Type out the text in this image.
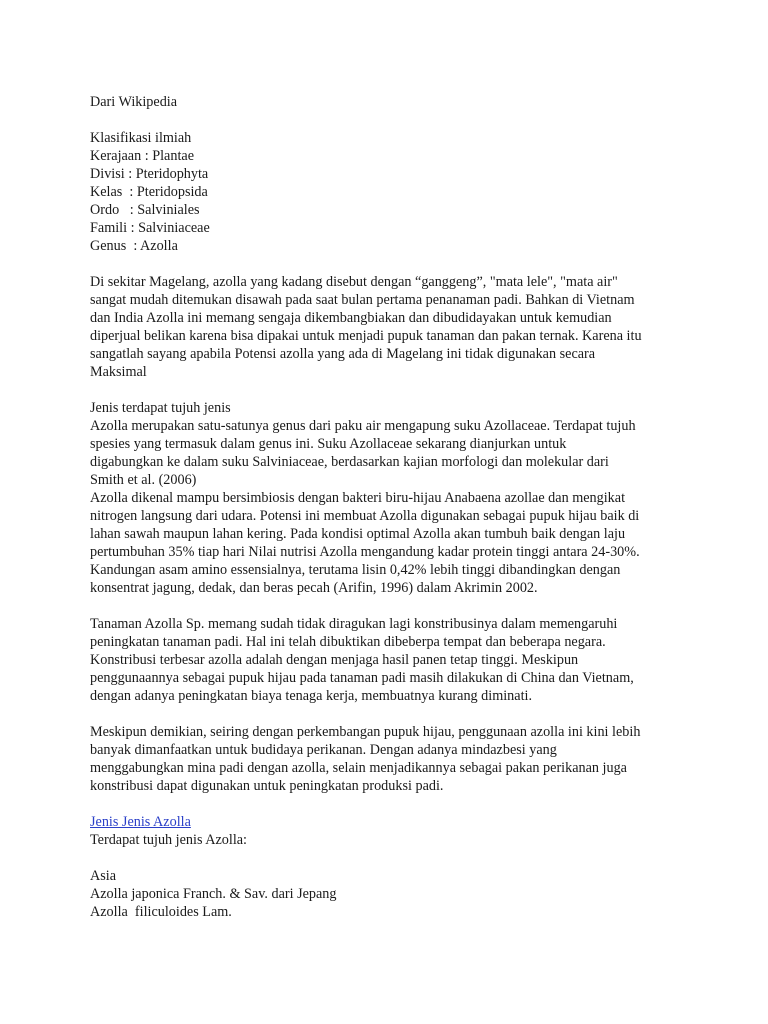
Dari Wikipedia
Klasifikasi ilmiah
Kerajaan : Plantae
Divisi : Pteridophyta
Kelas  : Pteridopsida
Ordo   : Salviniales
Famili : Salviniaceae
Genus  : Azolla
Di sekitar Magelang, azolla yang kadang disebut dengan “ganggeng”, "mata lele", "mata air"
sangat mudah ditemukan disawah pada saat bulan pertama penanaman padi. Bahkan di Vietnam
dan India Azolla ini memang sengaja dikembangbiakan dan dibudidayakan untuk kemudian
diperjual belikan karena bisa dipakai untuk menjadi pupuk tanaman dan pakan ternak. Karena itu
sangatlah sayang apabila Potensi azolla yang ada di Magelang ini tidak digunakan secara
Maksimal
Jenis terdapat tujuh jenis
Azolla merupakan satu-satunya genus dari paku air mengapung suku Azollaceae. Terdapat tujuh
spesies yang termasuk dalam genus ini. Suku Azollaceae sekarang dianjurkan untuk
digabungkan ke dalam suku Salviniaceae, berdasarkan kajian morfologi dan molekular dari
Smith et al. (2006)
Azolla dikenal mampu bersimbiosis dengan bakteri biru-hijau Anabaena azollae dan mengikat
nitrogen langsung dari udara. Potensi ini membuat Azolla digunakan sebagai pupuk hijau baik di
lahan sawah maupun lahan kering. Pada kondisi optimal Azolla akan tumbuh baik dengan laju
pertumbuhan 35% tiap hari Nilai nutrisi Azolla mengandung kadar protein tinggi antara 24-30%.
Kandungan asam amino essensialnya, terutama lisin 0,42% lebih tinggi dibandingkan dengan
konsentrat jagung, dedak, dan beras pecah (Arifin, 1996) dalam Akrimin 2002.
Tanaman Azolla Sp. memang sudah tidak diragukan lagi konstribusinya dalam memengaruhi
peningkatan tanaman padi. Hal ini telah dibuktikan dibeberpa tempat dan beberapa negara.
Konstribusi terbesar azolla adalah dengan menjaga hasil panen tetap tinggi. Meskipun
penggunaannya sebagai pupuk hijau pada tanaman padi masih dilakukan di China dan Vietnam,
dengan adanya peningkatan biaya tenaga kerja, membuatnya kurang diminati.
Meskipun demikian, seiring dengan perkembangan pupuk hijau, penggunaan azolla ini kini lebih
banyak dimanfaatkan untuk budidaya perikanan. Dengan adanya mindazbesi yang
menggabungkan mina padi dengan azolla, selain menjadikannya sebagai pakan perikanan juga
konstribusi dapat digunakan untuk peningkatan produksi padi.
Jenis Jenis Azolla
Terdapat tujuh jenis Azolla:
Asia
Azolla japonica Franch. & Sav. dari Jepang
Azolla  filiculoides Lam.
